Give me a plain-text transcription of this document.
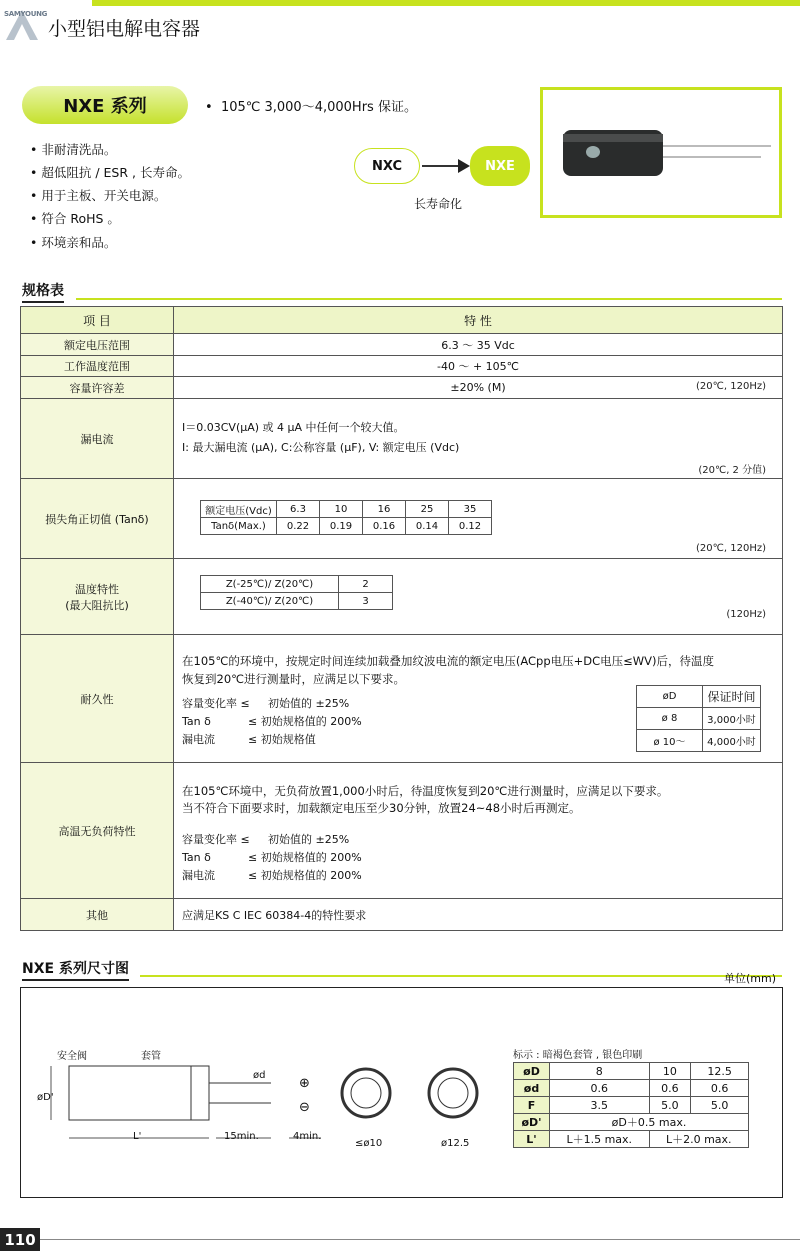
SAMYOUNG
小型铝电解电容器
NXE 系列	•  105℃ 3,000～4,000Hrs 保证。
• 非耐清洗品。
• 超低阻抗 / ESR , 长寿命。
• 用于主板、开关电源。
• 符合 RoHS 。
• 环境亲和品。
NXC	NXE
长寿命化
规格表
项 目	特 性
额定电压范围	6.3 ～ 35 Vdc
工作温度范围	-40 ～ + 105℃
容量许容差	±20% (M)	(20℃, 120Hz)

漏电流	
I＝0.03CV(μA) 或 4 μA 中任何一个较大值。
I: 最大漏电流 (μA), C:公称容量 (μF), V: 额定电压 (Vdc)
(20℃, 2 分值)

损失角正切值 (Tanδ)	
额定电压(Vdc)	6.3	10	16	25	35
Tanδ(Max.)	0.22	0.19	0.16	0.14	0.12
(20℃, 120Hz)

温度特性
(最大阻抗比)

Z(-25℃)/ Z(20℃)	2
Z(-40℃)/ Z(20℃)	3
(120Hz)

耐久性	
在105℃的环境中，按规定时间连续加载叠加纹波电流的额定电压(ACpp电压+DC电压≤WV)后，待温度
恢复到20℃进行测量时，应满足以下要求。
容量变化率 ≤ 初始值的 ±25%
Tan δ	≤ 初始规格值的 200%
漏电流	≤ 初始规格值
øD	保证时间
ø 8	3,000小时
ø 10～	4,000小时

高温无负荷特性	
在105℃环境中，无负荷放置1,000小时后，待温度恢复到20℃进行测量时，应满足以下要求。
当不符合下面要求时，加载额定电压至少30分钟，放置24~48小时后再测定。
容量变化率 ≤ 初始值的 ±25%
Tan δ	≤ 初始规格值的 200%
漏电流	≤ 初始规格值的 200%

其他	应满足KS C IEC 60384-4的特性要求
NXE 系列尺寸图
单位(mm)
安全阀	套管
øD'
L'	15min.	4min.
ød
⊕
⊖
≤ø10	ø12.5
标示 : 暗褐色套管 , 银色印刷
øD	8	10	12.5
ød	0.6	0.6	0.6
F	3.5	5.0	5.0
øD'	øD＋0.5 max.		
L'	L＋1.5 max.	L＋2.0 max.	
110
